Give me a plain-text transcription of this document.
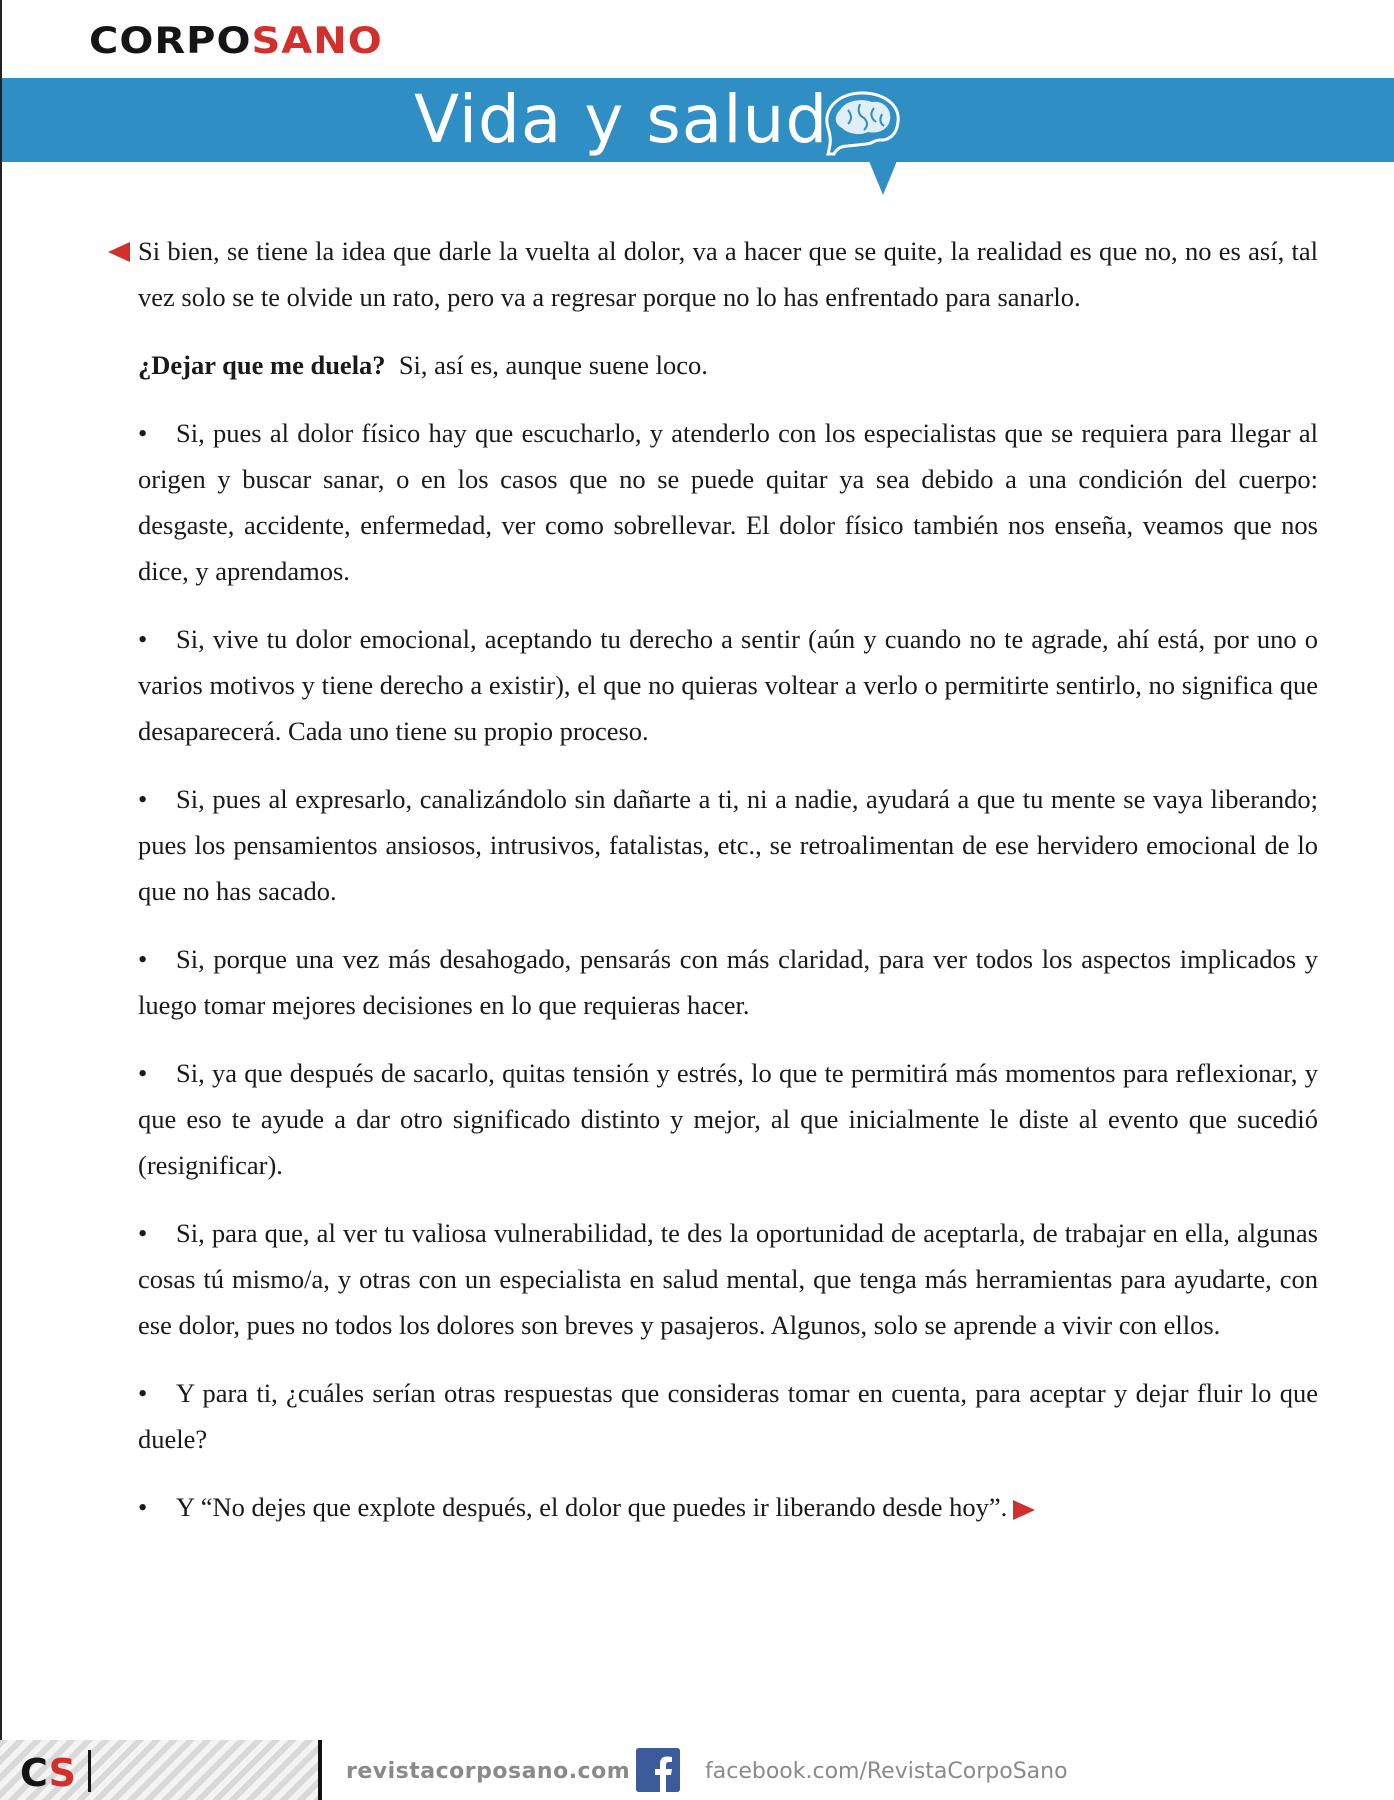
CORPOSANO
Vida y salud

Si bien, se tiene la idea que darle la vuelta al dolor, va a hacer que se quite, la realidad es que no, no es así, tal vez solo se te olvide un rato, pero va a regresar porque no lo has enfrentado para sanarlo.

¿Dejar que me duela? Si, así es, aunque suene loco.

• Si, pues al dolor físico hay que escucharlo, y atenderlo con los especialistas que se requiera para llegar al origen y buscar sanar, o en los casos que no se puede quitar ya sea debido a una condición del cuerpo: desgaste, accidente, enfermedad, ver como sobrellevar. El dolor físico también nos enseña, veamos que nos dice, y aprendamos.

• Si, vive tu dolor emocional, aceptando tu derecho a sentir (aún y cuando no te agrade, ahí está, por uno o varios motivos y tiene derecho a existir), el que no quieras voltear a verlo o permitirte sentirlo, no significa que desaparecerá. Cada uno tiene su propio proceso.

• Si, pues al expresarlo, canalizándolo sin dañarte a ti, ni a nadie, ayudará a que tu mente se vaya liberando; pues los pensamientos ansiosos, intrusivos, fatalistas, etc., se retroalimentan de ese hervidero emocional de lo que no has sacado.

• Si, porque una vez más desahogado, pensarás con más claridad, para ver todos los aspectos implicados y luego tomar mejores decisiones en lo que requieras hacer.

• Si, ya que después de sacarlo, quitas tensión y estrés, lo que te permitirá más momentos para reflexionar, y que eso te ayude a dar otro significado distinto y mejor, al que inicialmente le diste al evento que sucedió (resignificar).

• Si, para que, al ver tu valiosa vulnerabilidad, te des la oportunidad de aceptarla, de trabajar en ella, algunas cosas tú mismo/a, y otras con un especialista en salud mental, que tenga más herramientas para ayudarte, con ese dolor, pues no todos los dolores son breves y pasajeros. Algunos, solo se aprende a vivir con ellos.

• Y para ti, ¿cuáles serían otras respuestas que consideras tomar en cuenta, para aceptar y dejar fluir lo que duele?

• Y “No dejes que explote después, el dolor que puedes ir liberando desde hoy”.

CS	revistacorposano.com	facebook.com/RevistaCorpoSano
